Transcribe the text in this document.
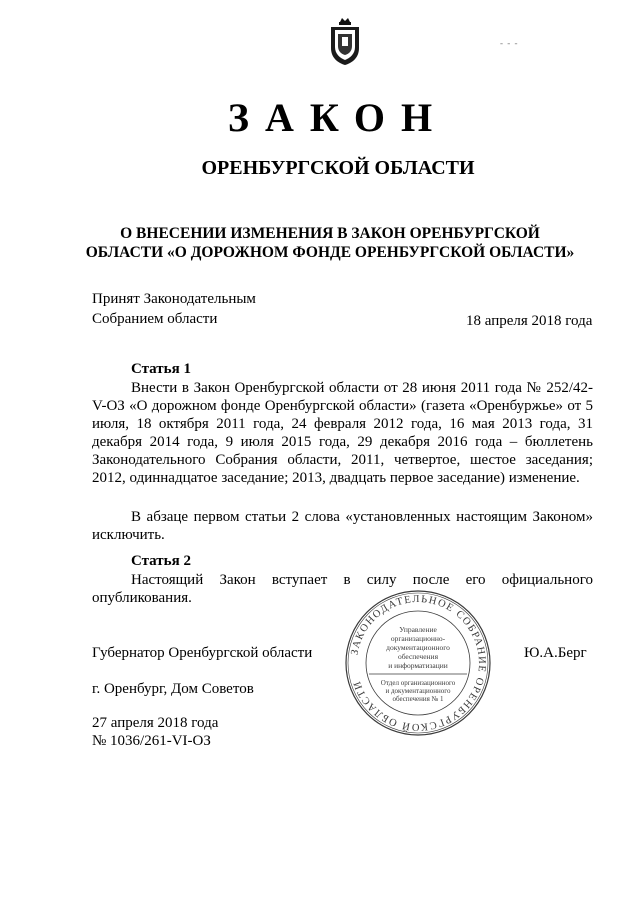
- - -
ЗАКОН
ОРЕНБУРГСКОЙ ОБЛАСТИ
О ВНЕСЕНИИ ИЗМЕНЕНИЯ В ЗАКОН ОРЕНБУРГСКОЙ
ОБЛАСТИ «О ДОРОЖНОМ ФОНДЕ ОРЕНБУРГСКОЙ ОБЛАСТИ»
Принят Законодательным
Собранием области	18 апреля 2018 года
Статья 1

Внести в Закон Оренбургской области от 28 июня 2011 года № 252/42-V-ОЗ «О дорожном фонде Оренбургской области» (газета «Оренбуржье» от 5 июля, 18 октября 2011 года, 24 февраля 2012 года, 16 мая 2013 года, 31 декабря 2014 года, 9 июля 2015 года, 29 декабря 2016 года – бюллетень Законодательного Собрания области, 2011, четвертое, шестое заседания; 2012, одиннадцатое заседание; 2013, двадцать первое заседание) изменение.

В абзаце первом статьи 2 слова «установленных настоящим Законом» исключить.

Статья 2

Настоящий Закон вступает в силу после его официального опубликования.

Губернатор Оренбургской области	Ю.А.Берг
г. Оренбург, Дом Советов
27 апреля 2018 года
№ 1036/261-VI-ОЗ
ЗАКОНОДАТЕЛЬНОЕ СОБРАНИЕ ОРЕНБУРГСКОЙ ОБЛАСТИ
Управление
организационно-
документационного
обеспечения
и информатизации
Отдел организационного
и документационного
обеспечения № 1
